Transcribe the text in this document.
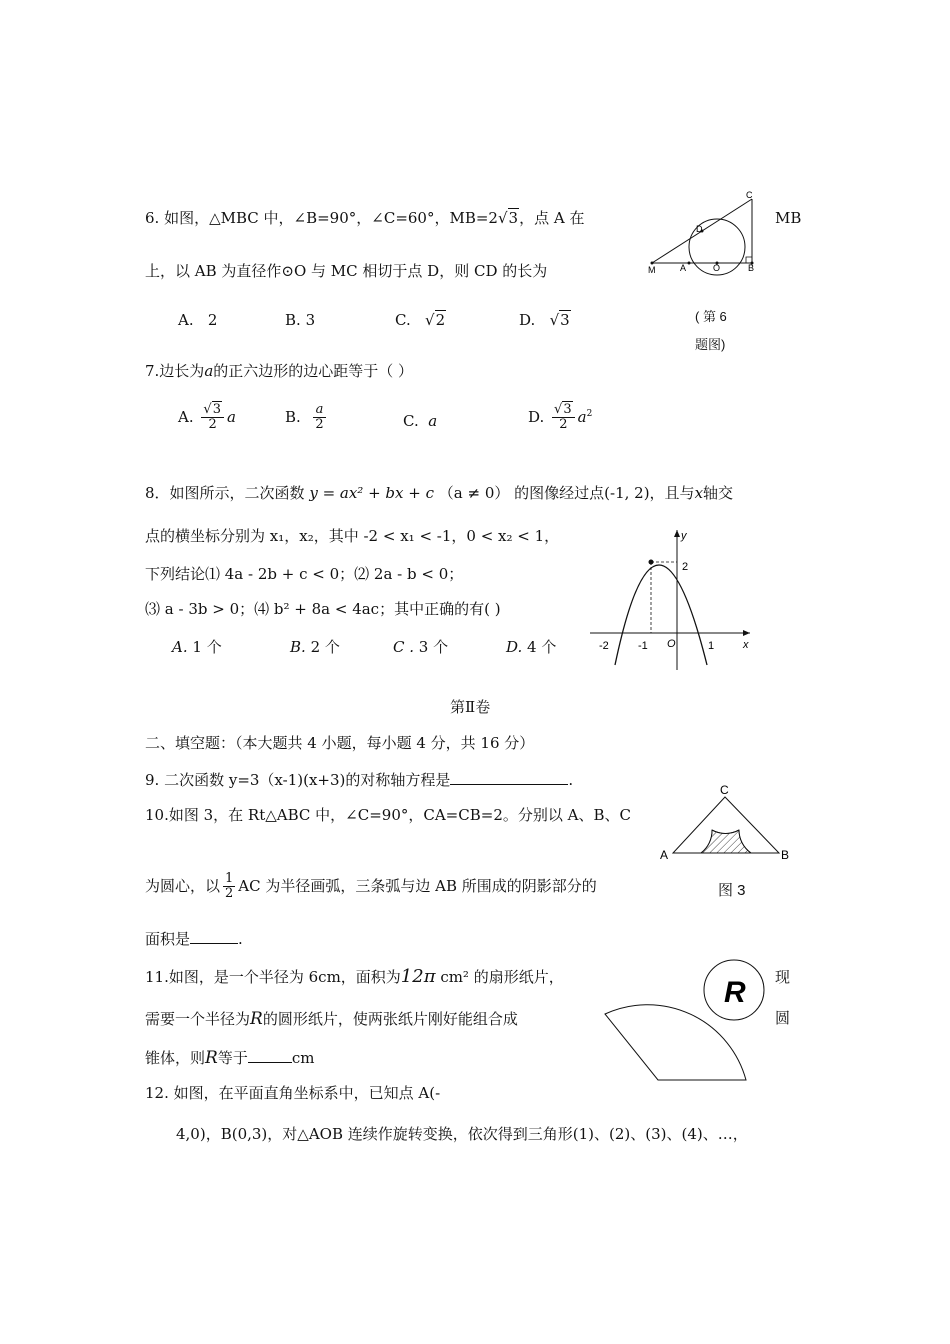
6. 如图，△MBC 中，∠B=90°，∠C=60°，MB=2√3，点 A 在	MB
上，以 AB 为直径作⊙O 与 MC 相切于点 D，则 CD 的长为
A. 2	B. 3	C.   √2	D.   √3
M	A	O	B
C
D
( 第 6
题图)
7.边长为a的正六边形的边心距等于（ ）
A. $\frac{√3}{2}$ a	B. $\frac{a}{2}$	C. a	D. $\frac{√3}{2} a^2$
8．如图所示，二次函数 y = ax² + bx + c （a ≠ 0） 的图像经过点(-1, 2)，且与x轴交
点的横坐标分别为 x₁，x₂，其中 -2 < x₁ < -1，0 < x₂ < 1，
下列结论⑴ 4a - 2b + c < 0；⑵ 2a - b < 0；
⑶ a - 3b > 0；⑷ b² + 8a < 4ac；其中正确的有( )
A. 1 个	B. 2 个	C . 3 个	D. 4 个
y
x
2
-2	-1 O	1
第Ⅱ卷
二、填空题：（本大题共 4 小题，每小题 4 分，共 16 分）
9. 二次函数 y=3（x-1)(x+3)的对称轴方程是	.
10.如图 3，在 Rt△ABC 中，∠C=90°，CA=CB=2。分别以 A、B、C
为圆心，以 $\frac{1}{2}$ AC 为半径画弧，三条弧与边 AB 所围成的阴影部分的
面积是	.
A	B
C
图 3
11.如图，是一个半径为 6cm，面积为12π cm² 的扇形纸片，	现
需要一个半径为R的圆形纸片，使两张纸片刚好能组合成	圆
锥体，则R等于	cm
R
12. 如图，在平面直角坐标系中，已知点 A(-
4,0)，B(0,3)，对△AOB 连续作旋转变换，依次得到三角形(1)、(2)、(3)、(4)、…，
